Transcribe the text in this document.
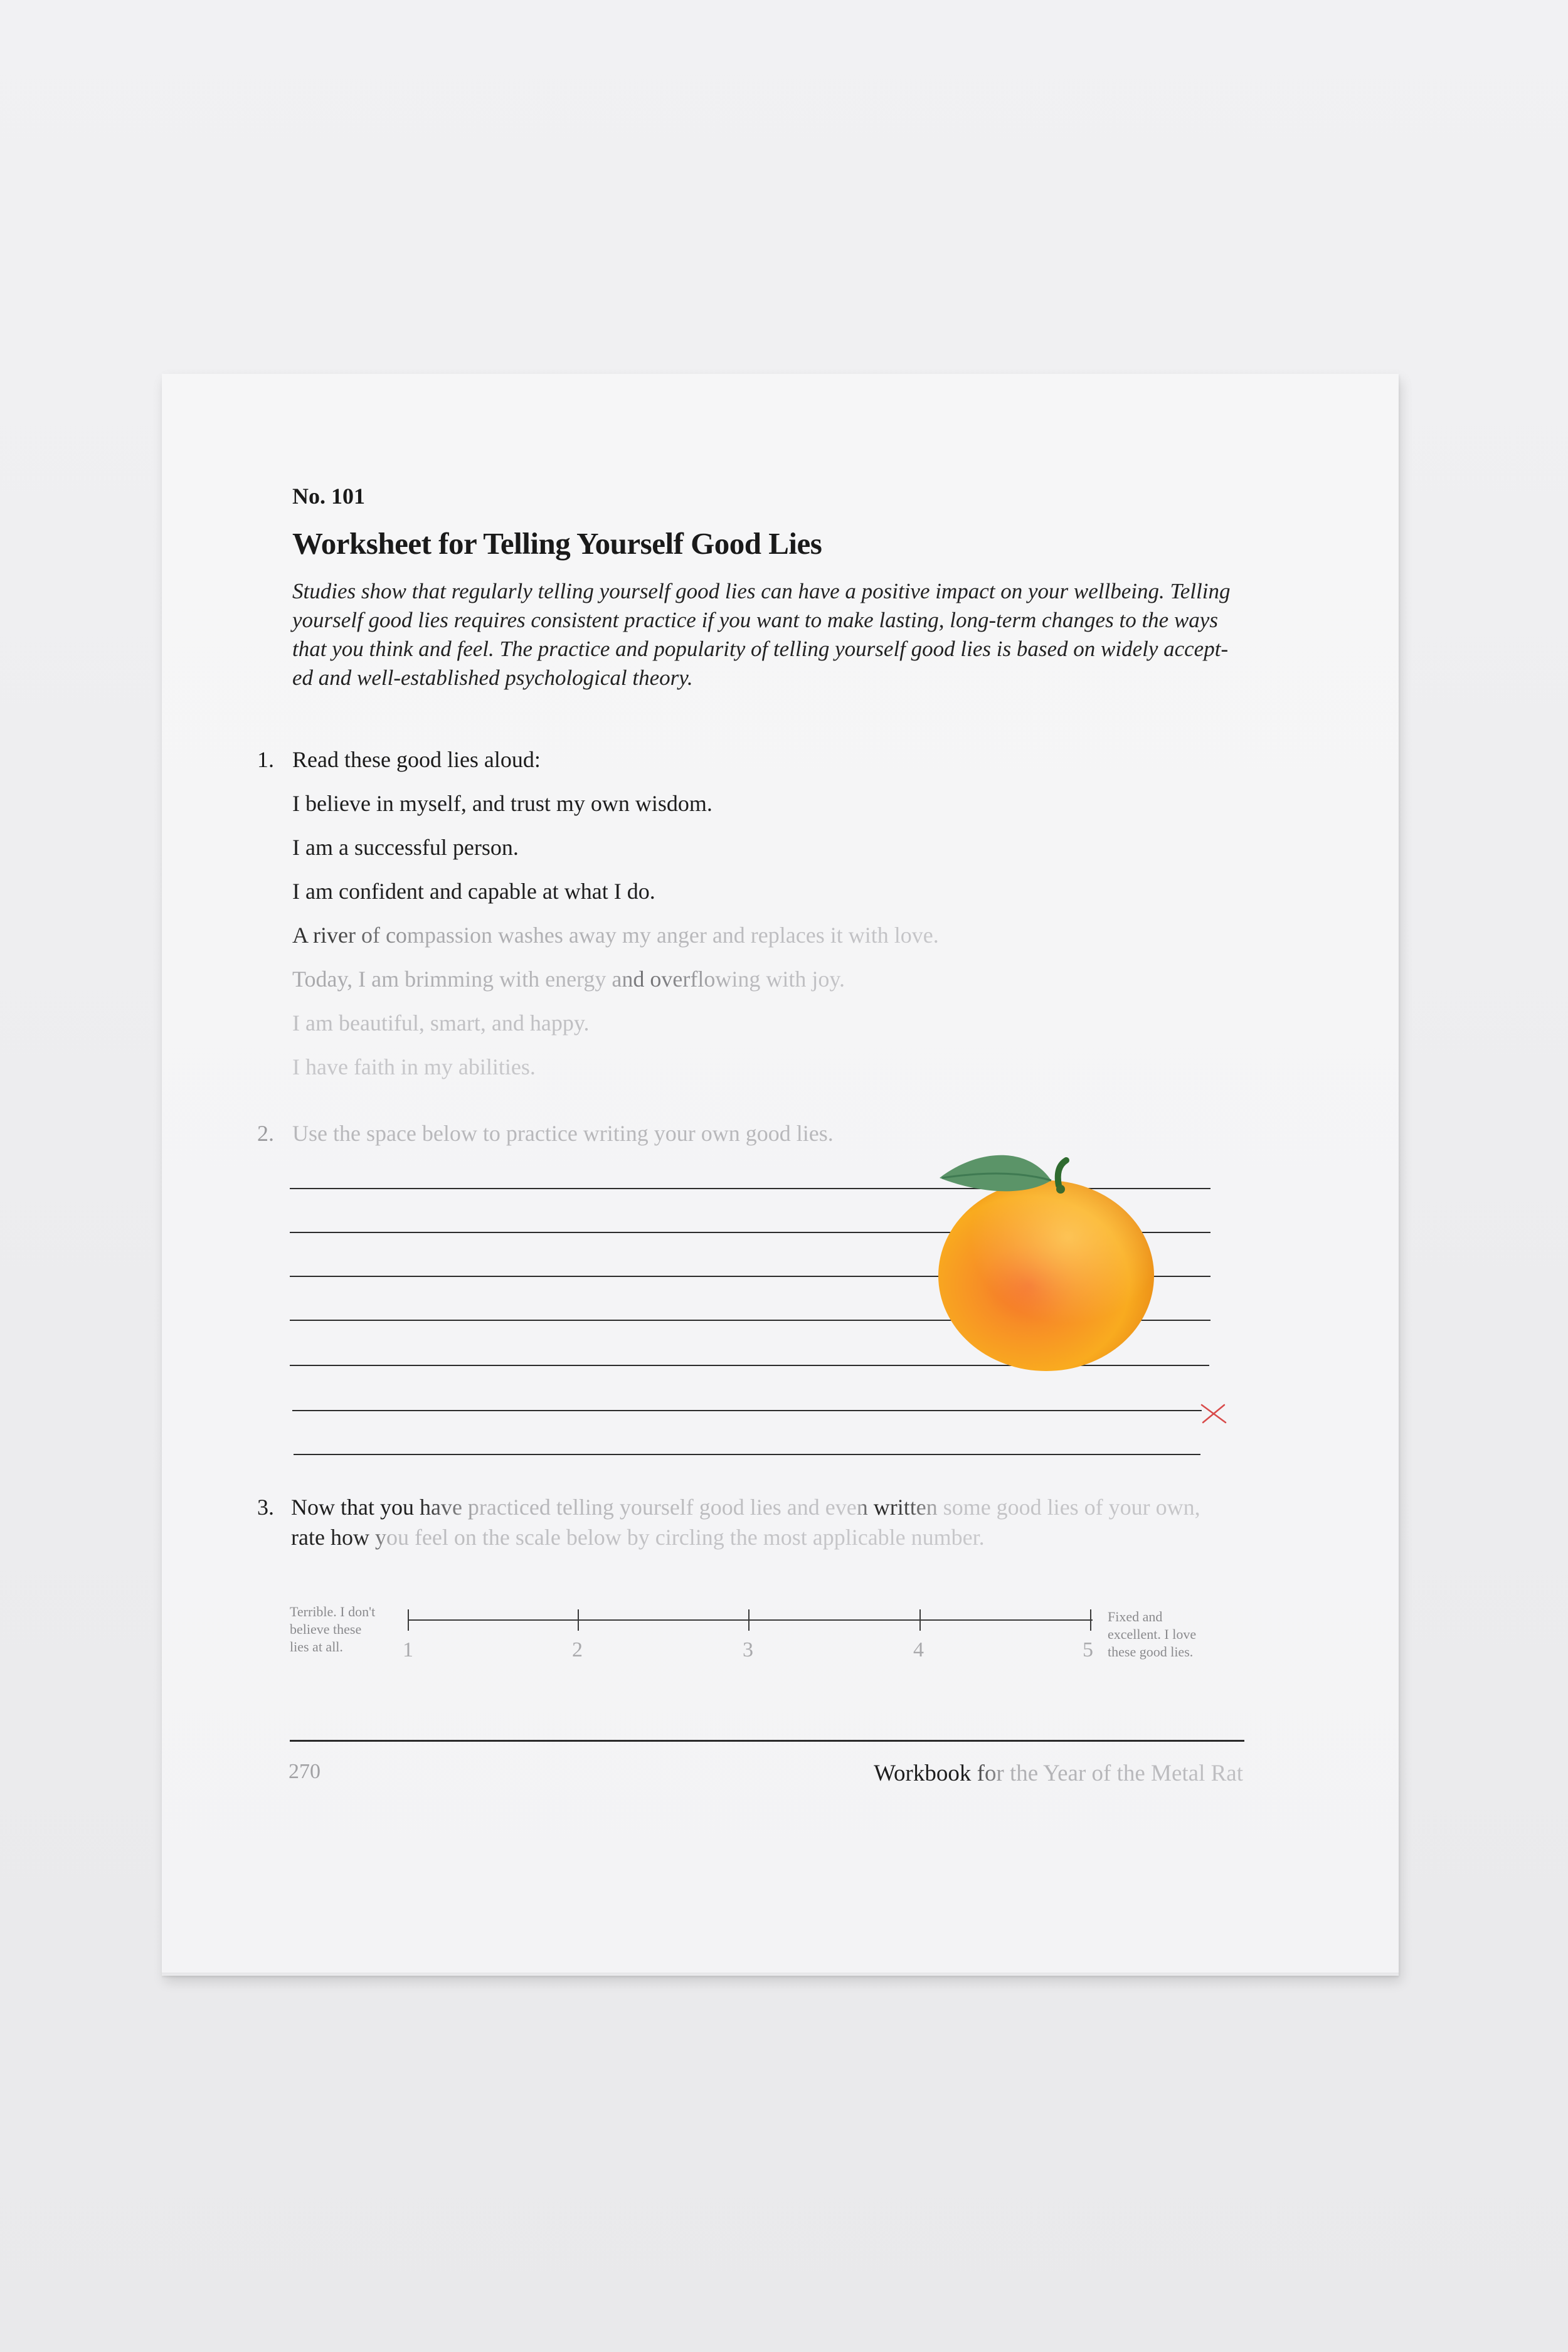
No. 101
Worksheet for Telling Yourself Good Lies
Studies show that regularly telling yourself good lies can have a positive impact on your wellbeing. Telling
yourself good lies requires consistent practice if you want to make lasting, long-term changes to the ways
that you think and feel. The practice and popularity of telling yourself good lies is based on widely accept-
ed and well-established psychological theory.
1. Read these good lies aloud:
I believe in myself, and trust my own wisdom.
I am a successful person.
I am confident and capable at what I do.
A river of compassion washes away my anger and replaces it with love.
Today, I am brimming with energy and overflowing with joy.
I am beautiful, smart, and happy.
I have faith in my abilities.
2. Use the space below to practice writing your own good lies.
3. Now that you have practiced telling yourself good lies and even written some good lies of your own,
rate how you feel on the scale below by circling the most applicable number.
Terrible. I don't
believe these
lies at all.	1	2	3	4	5
Fixed and
excellent. I love
these good lies.
270	Workbook for the Year of the Metal Rat
